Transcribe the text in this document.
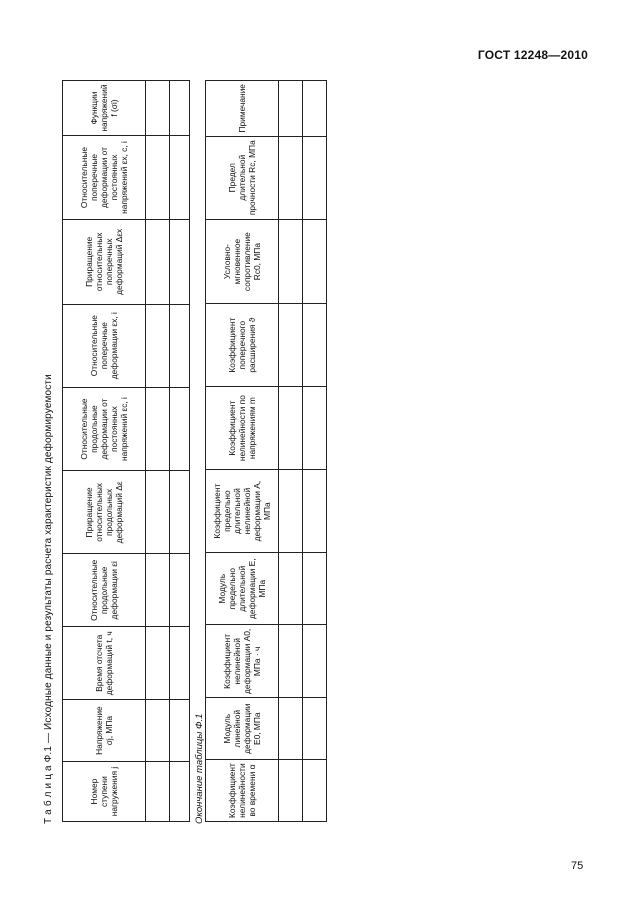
ГОСТ 12248—2010
Т а б л и ц а Ф.1 — Исходные данные и результаты расчета характеристик деформируемости	Номер ступени нагружения j	Напряжение σj, МПа	Время отсчета деформаций t, ч	Относительные продольные деформации εi	Приращение относительных продольных деформаций Δε	Относительные продольные деформации от постоянных напряжений εc, i	Относительные поперечные деформации εx, i	Приращение относительных поперечных деформаций Δεx	Относительные поперечные деформации от постоянных напряжений εx, c, i	Функции напряжений f (σi)

Окончание таблицы Ф.1	Коэффициент нелинейности во времени α	Модуль линейной деформации E0, МПа	Коэффициент нелинейной деформации A0, МПа · ч	Модуль предельно длительной деформации E, МПа	Коэффициент предельно длительной нелинейной деформации A, МПа	Коэффициент нелинейности по напряжениям m	Коэффициент поперечного расширения ϑ	Условно-мгновенное сопротивление Rc0, МПа	Предел длительной прочности Rc, МПа	Примечание

75
